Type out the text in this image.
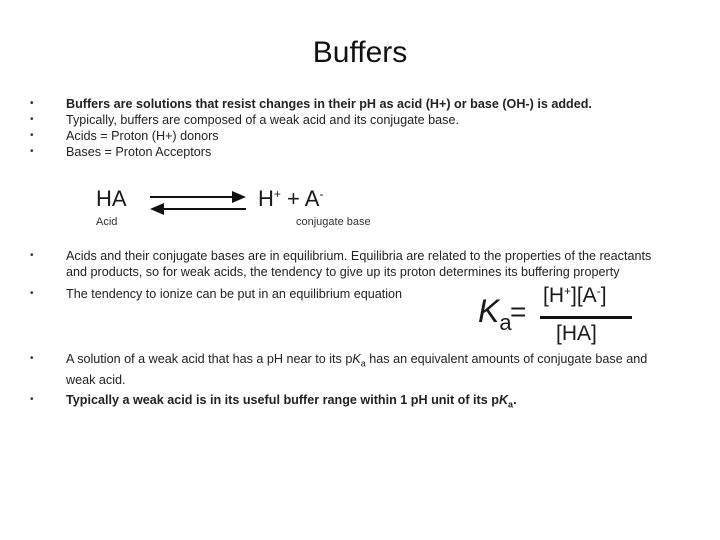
Buffers
•	Buffers are solutions that resist changes in their pH as acid (H+) or base (OH-) is added.
•	Typically, buffers are composed of a weak acid and its conjugate base.
•	Acids = Proton (H+) donors
•	Bases = Proton Acceptors
HA	H+ + A-
Acid	conjugate base
•	Acids and their conjugate bases are in equilibrium. Equilibria are related to the properties of the reactants and products, so for weak acids, the tendency to give up its proton determines its buffering property
•	The tendency to ionize can be put in an equilibrium equation	$K_a$
=
[H+][A-]
[HA]
•	A solution of a weak acid that has a pH near to its $pK_a$ has an equivalent amounts of conjugate base and weak acid.
•	Typically a weak acid is in its useful buffer range within 1 pH unit of its $pK_a$.
